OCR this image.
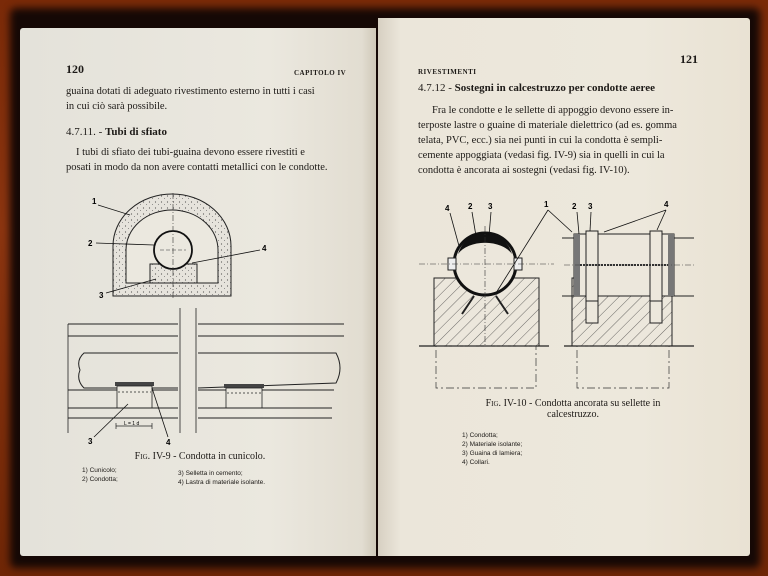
120	CAPITOLO IV
guaina dotati di adeguato rivestimento esterno in tutti i casi
in cui ciò sarà possibile.
4.7.11. - Tubi di sfiato
I tubi di sfiato dei tubi-guaina devono essere rivestiti e
posati in modo da non avere contatti metallici con le condotte.
1
2
3
4
L = 1 d
3	4
Fig. IV-9 - Condotta in cunicolo.
1) Cunicolo;
2) Condotta;
3) Selletta in cemento;
4) Lastra di materiale isolante.
121
RIVESTIMENTI
4.7.12 - Sostegni in calcestruzzo per condotte aeree
Fra le condotte e le sellette di appoggio devono essere in-
terposte lastre o guaine di materiale dielettrico (ad es. gomma
telata, PVC, ecc.) sia nei punti in cui la condotta è sempli-
cemente appoggiata (vedasi fig. IV-9) sia in quelli in cui la
condotta è ancorata ai sostegni (vedasi fig. IV-10).
4 2 3	1	2 3	4
Fig. IV-10 - Condotta ancorata su sellette in
calcestruzzo.
1) Condotta;
2) Materiale isolante;
3) Guaina di lamiera;
4) Collari.
